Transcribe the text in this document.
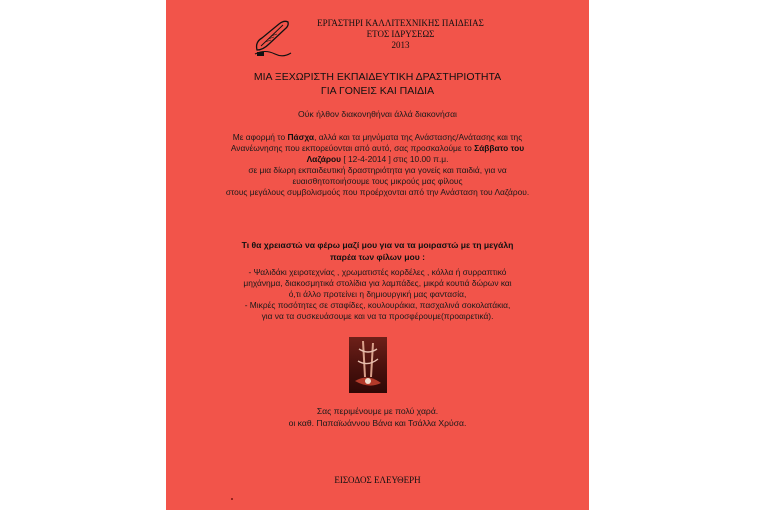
ΕΡΓΑΣΤΗΡΙ ΚΑΛΛΙΤΕΧΝΙΚΗΣ ΠΑΙΔΕΙΑΣ
ΕΤΟΣ ΙΔΡΥΣΕΩΣ
2013
ΜΙΑ ΞΕΧΩΡΙΣΤΗ ΕΚΠΑΙΔΕΥΤΙΚΗ ΔΡΑΣΤΗΡΙΟΤΗΤΑ
ΓΙΑ ΓΟΝΕΙΣ ΚΑΙ ΠΑΙΔΙΑ
Ούκ ήλθον διακονηθήναι άλλά διακονήσαι
Με αφορμή το Πάσχα, αλλά και τα μηνύματα της Ανάστασης/Ανάτασης και της Ανανέωνησης που εκπορεύονται από αυτό, σας προσκαλούμε το Σάββατο του Λαζάρου [ 12-4-2014 ] στις 10.00 π.μ.
σε μια δίωρη εκπαιδευτική δραστηριότητα για γονείς και παιδιά, για να ευαισθητοποιήσουμε τους μικρούς μας φίλους
στους μεγάλους συμβολισμούς που προέρχονται από την Ανάσταση του Λαζάρου.
Τι θα χρειαστώ να φέρω μαζί μου για να τα μοιραστώ με τη μεγάλη
παρέα των φίλων μου :
- Ψαλιδάκι χειροτεχνίας , χρωματιστές κορδέλες , κόλλα ή συρραπτικό
μηχάνημα, διακοσμητικά στολίδια για λαμπάδες, μικρά κουτιά δώρων και
ό,τι άλλο προτείνει η δημιουργική μας φαντασία,
- Μικρές ποσότητες σε σταφίδες, κουλουράκια, πασχαλινά σοκολατάκια,
για να τα συσκευάσουμε και να τα προσφέρουμε(προαιρετικά).
Σας περιμένουμε με πολύ χαρά.
οι καθ. Παπαϊωάννου Βάνα και Τσάλλα Χρύσα.
ΕΙΣΟΔΟΣ ΕΛΕΥΘΕΡΗ
